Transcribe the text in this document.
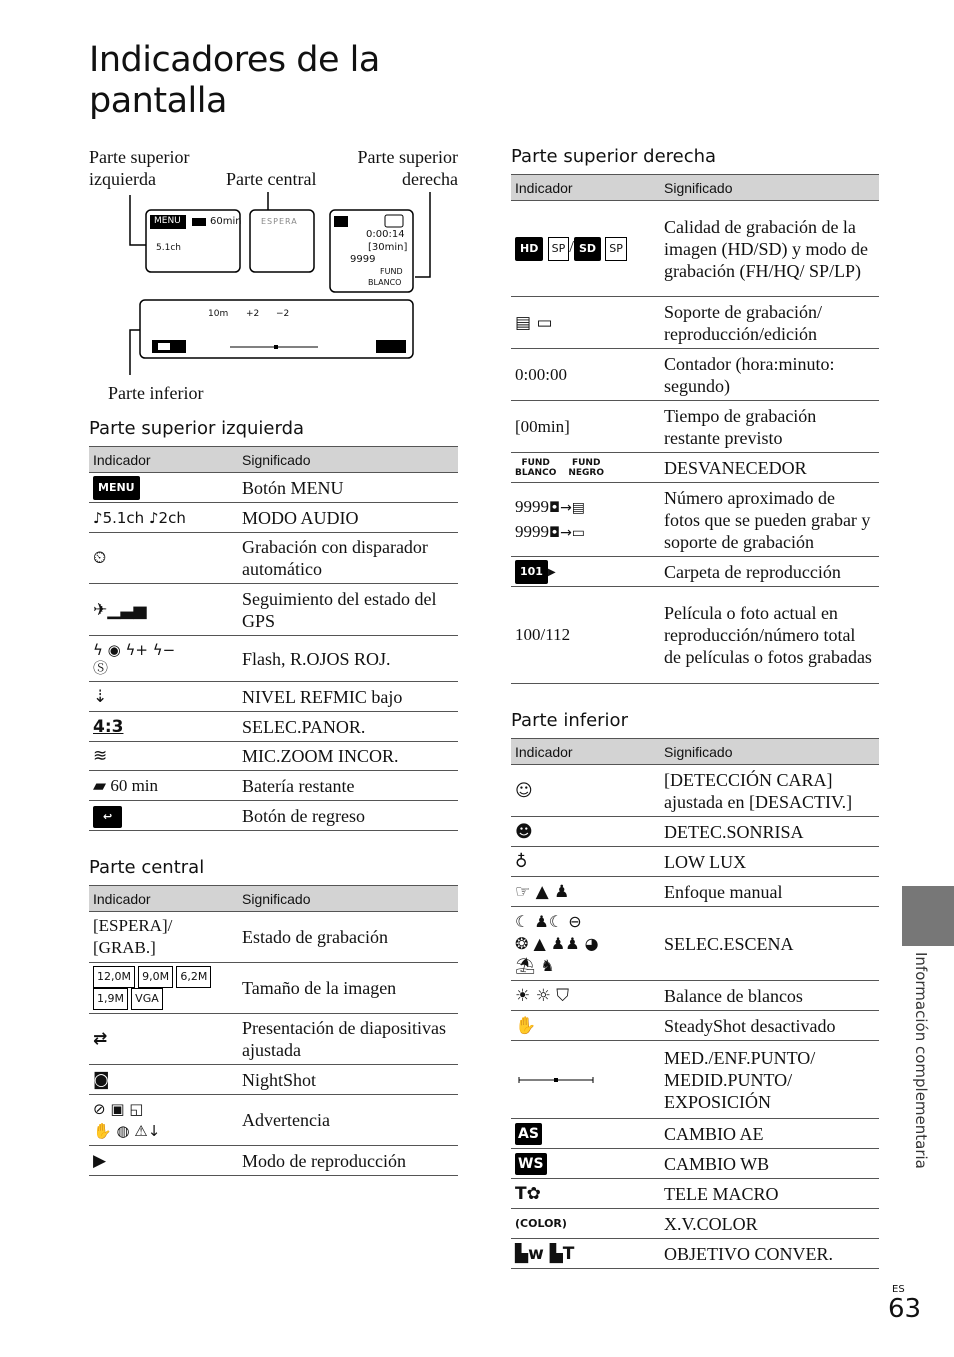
Indicadores de la pantalla
Parte superior izquierda	Parte central
Parte superior derecha
Parte inferior
MENU	60min
5.1ch
ESPERA
0:00:14
[30min]
9999
FUND
BLANCO
10m +2 −2
Parte superior izquierda
Indicador	Significado
MENU	Botón MENU
♪5.1ch ♪2ch	MODO AUDIO
⏲	Grabación con disparador automático
✈▁▃▅	Seguimiento del estado del GPS
ϟ ◉ ϟ+ ϟ−
Ⓢ	Flash, R.OJOS ROJ.
⇣	NIVEL REFMIC bajo
4:3	SELEC.PANOR.
≋	MIC.ZOOM INCOR.
▰ 60 min	Batería restante
↩	Botón de regreso
Parte central
Indicador	Significado
[ESPERA]/ [GRAB.]	Estado de grabación
12,0M 9,0M 6,2M
1,9M VGA	Tamaño de la imagen
⇄	Presentación de diapositivas ajustada
◙	NightShot
⊘ ▣ ◱
✋ ◍ ⚠↓	Advertencia
▶	Modo de reproducción
Parte superior derecha
Indicador	Significado
HD SP / SD SP	Calidad de grabación de la imagen (HD/SD) y modo de grabación (FH/HQ/ SP/LP)
▤ ▭	Soporte de grabación/ reproducción/edición
0:00:00	Contador (hora:minuto: segundo)
[00min]	Tiempo de grabación restante previsto
FUND
BLANCOFUND
NEGRO	DESVANECEDOR
9999◘→▤
9999◘→▭	Número aproximado de fotos que se pueden grabar y soporte de grabación
101 ▶	Carpeta de reproducción
100/112	Película o foto actual en reproducción/número total de películas o fotos grabadas
Parte inferior
Indicador	Significado
☺	[DETECCIÓN CARA] ajustada en [DESACTIV.]
☻	DETEC.SONRISA
♁	LOW LUX
☞ ▲ ♟	Enfoque manual
☾ ♟☾ ⊖
❂ ▲ ♟♟ ◕
⛱ ♞	SELEC.ESCENA
☀ ☼ ⛉	Balance de blancos
✋	SteadyShot desactivado
	MED./ENF.PUNTO/ MEDID.PUNTO/ EXPOSICIÓN
AS	CAMBIO AE
WS	CAMBIO WB
T✿	TELE MACRO
(COLOR)	X.V.COLOR
▙w ▙T	OBJETIVO CONVER.
Información complementaria
ES
63
